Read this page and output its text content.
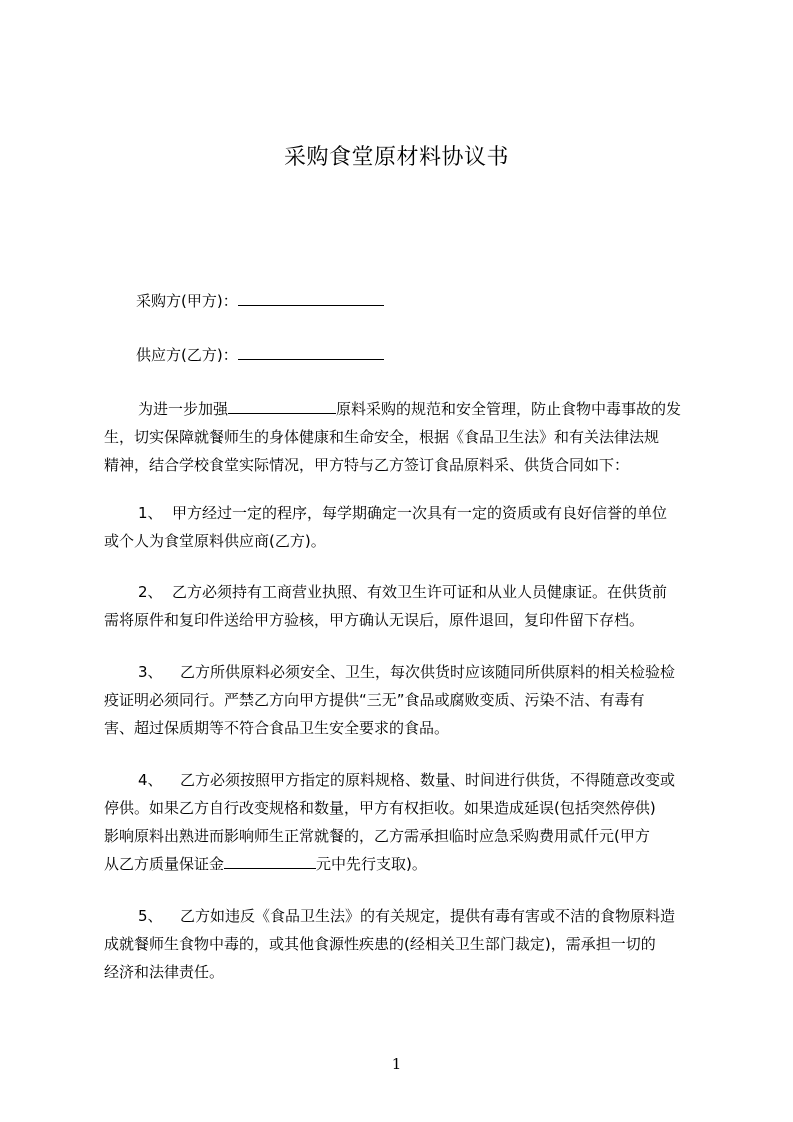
采购食堂原材料协议书
采购方(甲方)：
供应方(乙方)：
为进一步加强	原料采购的规范和安全管理，防止食物中毒事故的发
生，切实保障就餐师生的身体健康和生命安全，根据《食品卫生法》和有关法律法规
精神，结合学校食堂实际情况，甲方特与乙方签订食品原料采、供货合同如下：
1、 甲方经过一定的程序，每学期确定一次具有一定的资质或有良好信誉的单位
或个人为食堂原料供应商(乙方)。
2、 乙方必须持有工商营业执照、有效卫生许可证和从业人员健康证。在供货前
需将原件和复印件送给甲方验核，甲方确认无误后，原件退回，复印件留下存档。
3、 乙方所供原料必须安全、卫生，每次供货时应该随同所供原料的相关检验检
疫证明必须同行。严禁乙方向甲方提供“三无”食品或腐败变质、污染不洁、有毒有
害、超过保质期等不符合食品卫生安全要求的食品。
4、 乙方必须按照甲方指定的原料规格、数量、时间进行供货，不得随意改变或
停供。如果乙方自行改变规格和数量，甲方有权拒收。如果造成延误(包括突然停供)
影响原料出熟进而影响师生正常就餐的，乙方需承担临时应急采购费用贰仟元(甲方
从乙方质量保证金	元中先行支取)。
5、 乙方如违反《食品卫生法》的有关规定，提供有毒有害或不洁的食物原料造
成就餐师生食物中毒的，或其他食源性疾患的(经相关卫生部门裁定)，需承担一切的
经济和法律责任。
1
